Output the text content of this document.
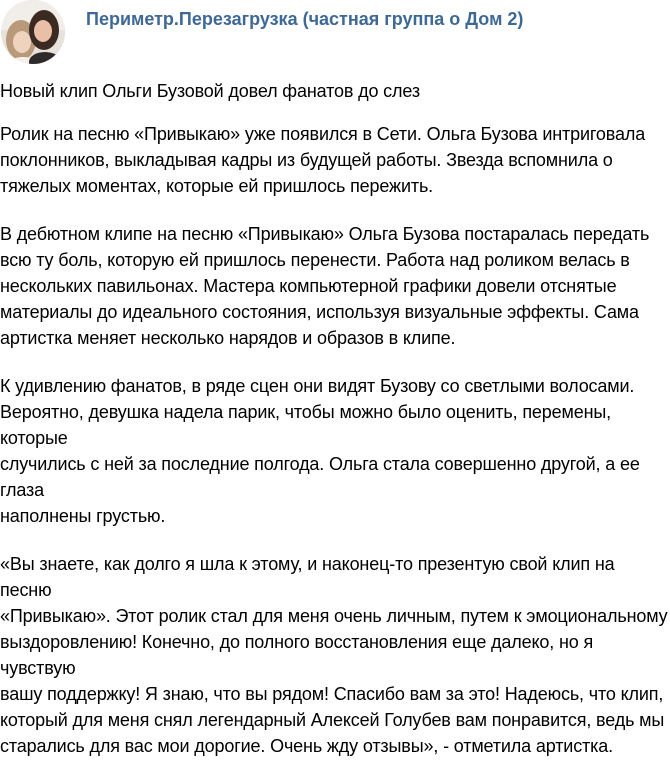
Периметр.Перезагрузка (частная группа о Дом 2)

Новый клип Ольги Бузовой довел фанатов до слез

Ролик на песню «Привыкаю» уже появился в Сети. Ольга Бузова интриговала
поклонников, выкладывая кадры из будущей работы. Звезда вспомнила о
тяжелых моментах, которые ей пришлось пережить.

В дебютном клипе на песню «Привыкаю» Ольга Бузова постаралась передать
всю ту боль, которую ей пришлось перенести. Работа над роликом велась в
нескольких павильонах. Мастера компьютерной графики довели отснятые
материалы до идеального состояния, используя визуальные эффекты. Сама
артистка меняет несколько нарядов и образов в клипе.

К удивлению фанатов, в ряде сцен они видят Бузову со светлыми волосами.
Вероятно, девушка надела парик, чтобы можно было оценить, перемены, которые
случились с ней за последние полгода. Ольга стала совершенно другой, а ее глаза
наполнены грустью.

«Вы знаете, как долго я шла к этому, и наконец-то презентую свой клип на песню
«Привыкаю». Этот ролик стал для меня очень личным, путем к эмоциональному
выздоровлению! Конечно, до полного восстановления еще далеко, но я чувствую
вашу поддержку! Я знаю, что вы рядом! Спасибо вам за это! Надеюсь, что клип,
который для меня снял легендарный Алексей Голубев вам понравится, ведь мы
старались для вас мои дорогие. Очень жду отзывы», - отметила артистка.
